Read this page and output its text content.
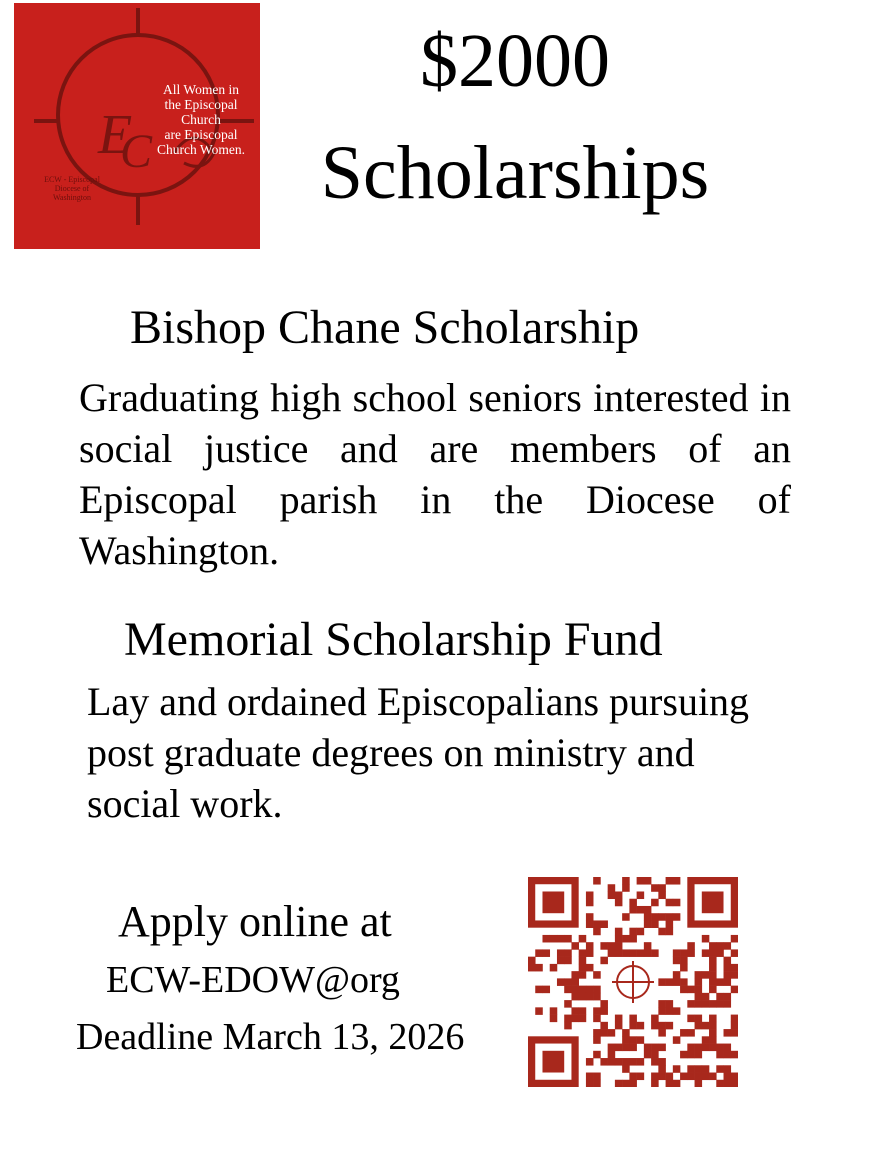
E
C
All Women in
the Episcopal
Church
are Episcopal
Church Women.
ECW - Episcopal
Diocese of
Washington
$2000
Scholarships
Bishop Chane Scholarship

Graduating high school seniors interested in social justice and are members of an Episcopal parish in the Diocese of Washington.

Memorial Scholarship Fund

Lay and ordained Episcopalians pursuing post graduate degrees on ministry and social work.

Apply online at

ECW-EDOW@org

Deadline March 13, 2026
